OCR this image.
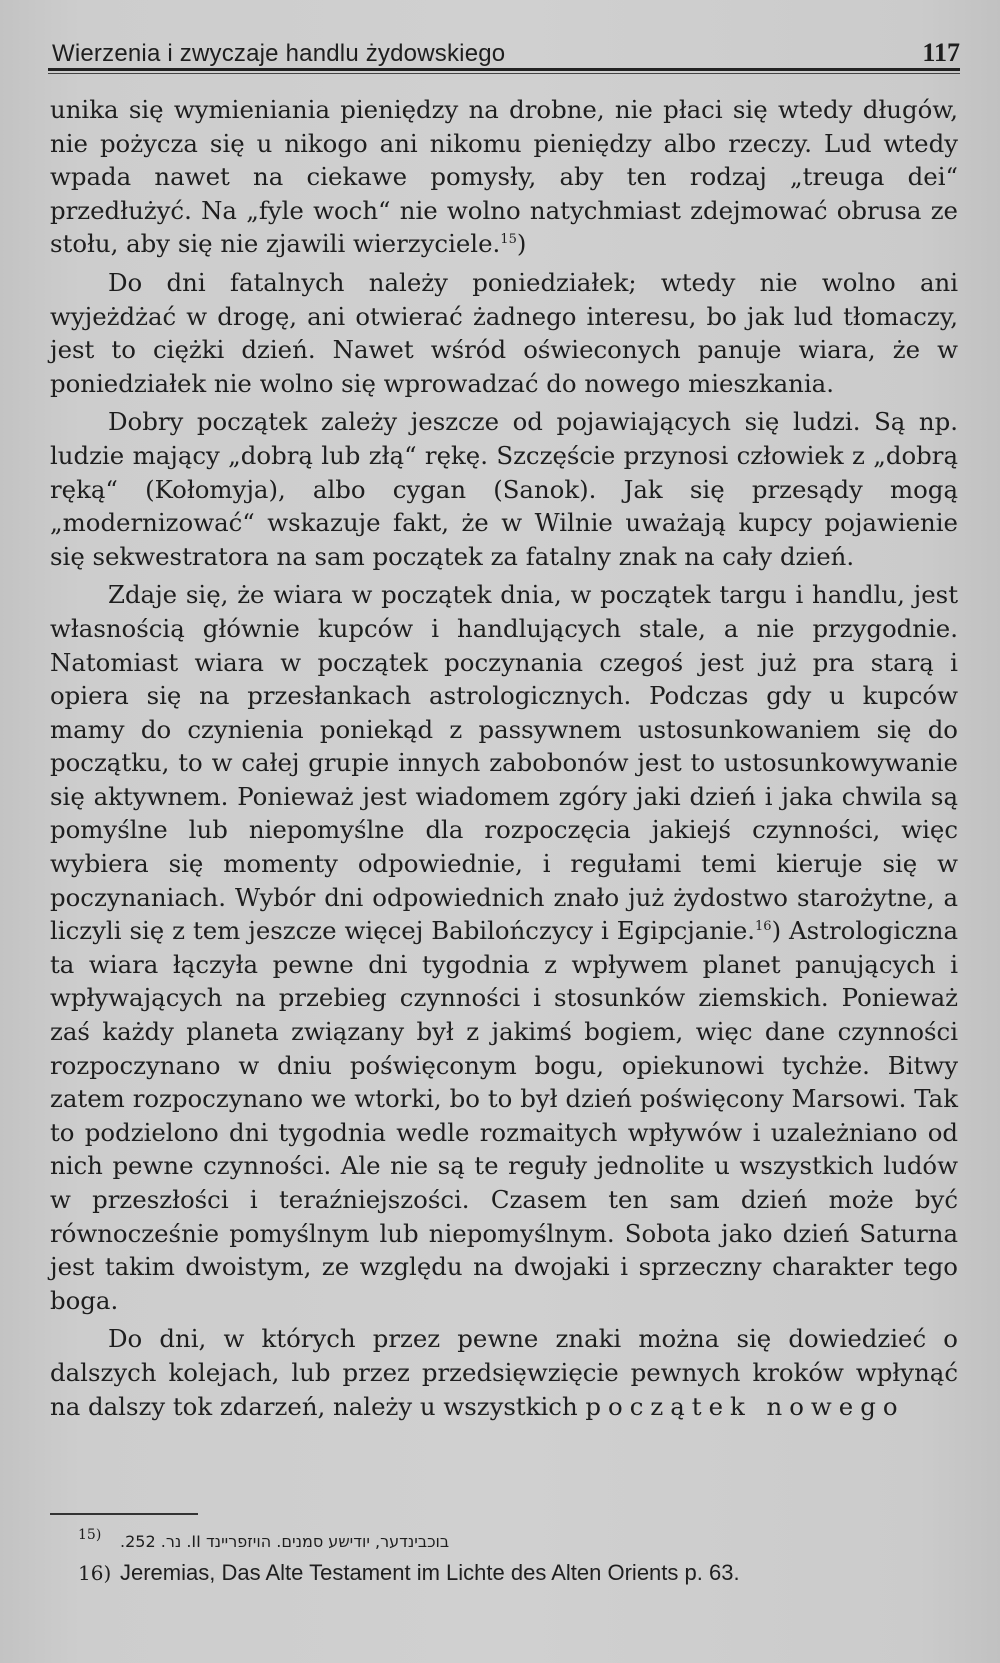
Wierzenia i zwyczaje handlu żydowskiego	117

unika się wymieniania pieniędzy na drobne, nie płaci się wtedy długów, nie pożycza się u nikogo ani nikomu pieniędzy albo rzeczy. Lud wtedy wpada nawet na ciekawe pomysły, aby ten rodzaj „treuga dei“ przedłużyć. Na „fyle woch“ nie wolno natychmiast zdejmować obrusa ze stołu, aby się nie zjawili wierzyciele.$^{15}$)

Do dni fatalnych należy poniedziałek; wtedy nie wolno ani wyjeżdżać w drogę, ani otwierać żadnego interesu, bo jak lud tłomaczy, jest to ciężki dzień. Nawet wśród oświeconych panuje wiara, że w poniedziałek nie wolno się wprowadzać do nowego mieszkania.

Dobry początek zależy jeszcze od pojawiających się ludzi. Są np. ludzie mający „dobrą lub złą“ rękę. Szczęście przynosi człowiek z „dobrą ręką“ (Kołomyja), albo cygan (Sanok). Jak się przesądy mogą „modernizować“ wskazuje fakt, że w Wilnie uważają kupcy pojawienie się sekwestratora na sam początek za fatalny znak na cały dzień.

Zdaje się, że wiara w początek dnia, w początek targu i handlu, jest własnością głównie kupców i handlujących stale, a nie przygodnie. Natomiast wiara w początek poczynania czegoś jest już pra starą i opiera się na przesłankach astrologicznych. Podczas gdy u kupców mamy do czynienia poniekąd z passywnem ustosunkowaniem się do początku, to w całej grupie innych zabobonów jest to ustosunkowywanie się aktywnem. Ponieważ jest wiadomem zgóry jaki dzień i jaka chwila są pomyślne lub niepomyślne dla rozpoczęcia jakiejś czynności, więc wybiera się momenty odpowiednie, i regułami temi kieruje się w poczynaniach. Wybór dni odpowiednich znało już żydostwo starożytne, a liczyli się z tem jeszcze więcej Babilończycy i Egipcjanie.$^{16}$) Astrologiczna ta wiara łączyła pewne dni tygodnia z wpływem planet panujących i wpływających na przebieg czynności i stosunków ziemskich. Ponieważ zaś każdy planeta związany był z jakimś bogiem, więc dane czynności rozpoczynano w dniu poświęconym bogu, opiekunowi tychże. Bitwy zatem rozpoczynano we wtorki, bo to był dzień poświęcony Marsowi. Tak to podzielono dni tygodnia wedle rozmaitych wpływów i uzależniano od nich pewne czynności. Ale nie są te reguły jednolite u wszystkich ludów w przeszłości i teraźniejszości. Czasem ten sam dzień może być równocześnie pomyślnym lub niepomyślnym. Sobota jako dzień Saturna jest takim dwoistym, ze względu na dwojaki i sprzeczny charakter tego boga.

Do dni, w których przez pewne znaki można się dowiedzieć o dalszych kolejach, lub przez przedsięwzięcie pewnych kroków wpłynąć na dalszy tok zdarzeń, należy u wszystkich początek nowego

15)	בוכבינדער, יודישע סמנים. הויזפריינד II. נר. 252.
16) Jeremias, Das Alte Testament im Lichte des Alten Orients p. 63.
